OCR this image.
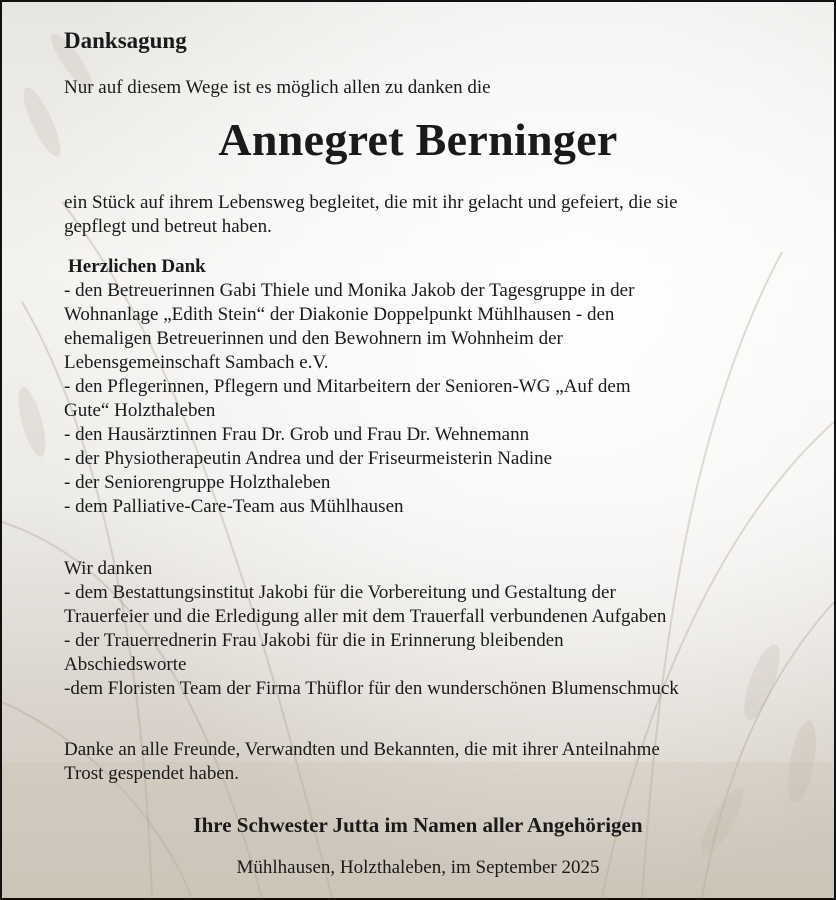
Danksagung
Nur auf diesem Wege ist es möglich allen zu danken die
Annegret Berninger
ein Stück auf ihrem Lebensweg begleitet, die mit ihr gelacht und gefeiert, die sie
gepflegt und betreut haben.
Herzlichen Dank
- den Betreuerinnen Gabi Thiele und Monika Jakob der Tagesgruppe in der
Wohnanlage „Edith Stein“ der Diakonie Doppelpunkt Mühlhausen - den
ehemaligen Betreuerinnen und den Bewohnern im Wohnheim der
Lebensgemeinschaft Sambach e.V.
- den Pflegerinnen, Pflegern und Mitarbeitern der Senioren-WG „Auf dem
Gute“ Holzthaleben
- den Hausärztinnen Frau Dr. Grob und Frau Dr. Wehnemann
- der Physiotherapeutin Andrea und der Friseurmeisterin Nadine
- der Seniorengruppe Holzthaleben
- dem Palliative-Care-Team aus Mühlhausen
Wir danken
- dem Bestattungsinstitut Jakobi für die Vorbereitung und Gestaltung der
Trauerfeier und die Erledigung aller mit dem Trauerfall verbundenen Aufgaben
- der Trauerrednerin Frau Jakobi für die in Erinnerung bleibenden
Abschiedsworte
-dem Floristen Team der Firma Thüflor für den wunderschönen Blumenschmuck
Danke an alle Freunde, Verwandten und Bekannten, die mit ihrer Anteilnahme
Trost gespendet haben.
Ihre Schwester Jutta im Namen aller Angehörigen
Mühlhausen, Holzthaleben, im September 2025
